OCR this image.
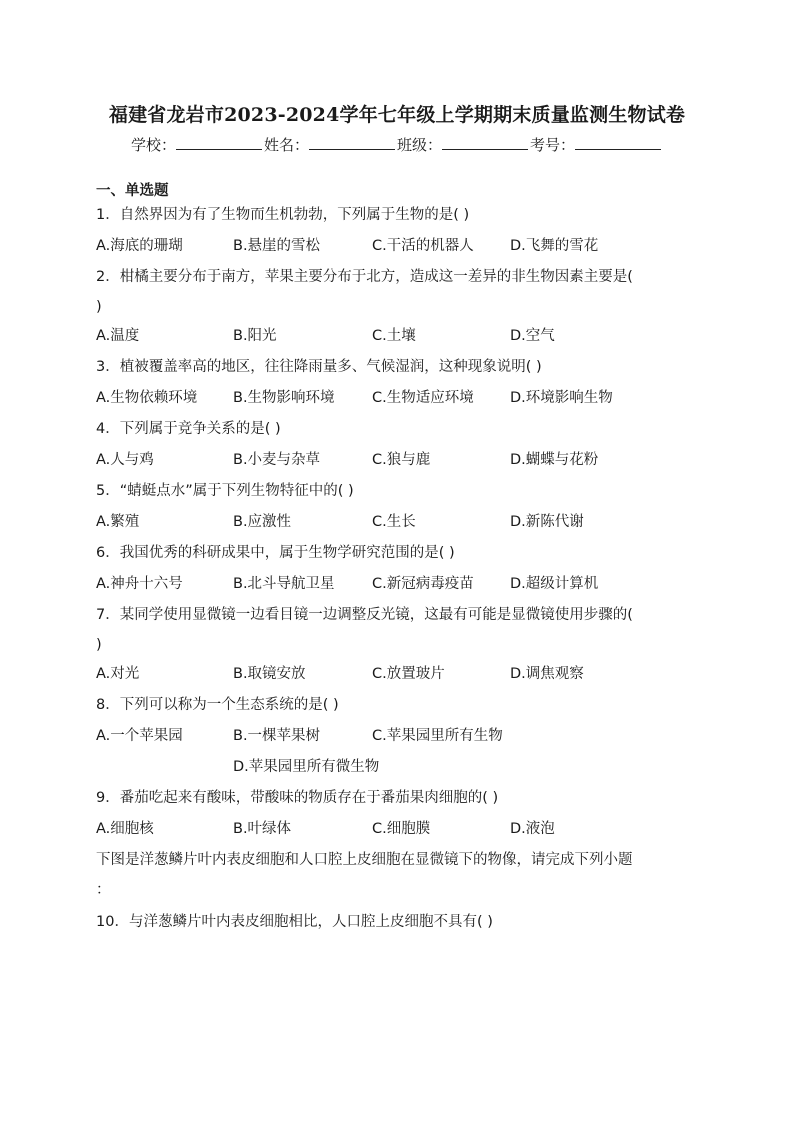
福建省龙岩市2023-2024学年七年级上学期期末质量监测生物试卷
学校：	姓名：	班级：	考号：
一、单选题
1．自然界因为有了生物而生机勃勃，下列属于生物的是( )
A.海底的珊瑚	B.悬崖的雪松	C.干活的机器人	D.飞舞的雪花
2．柑橘主要分布于南方，苹果主要分布于北方，造成这一差异的非生物因素主要是(
)
A.温度	B.阳光	C.土壤	D.空气
3．植被覆盖率高的地区，往往降雨量多、气候湿润，这种现象说明( )
A.生物依赖环境 B.生物影响环境	C.生物适应环境	D.环境影响生物
4．下列属于竞争关系的是( )
A.人与鸡	B.小麦与杂草	C.狼与鹿	D.蝴蝶与花粉
5．“蜻蜓点水”属于下列生物特征中的( )
A.繁殖	B.应激性	C.生长	D.新陈代谢
6．我国优秀的科研成果中，属于生物学研究范围的是( )
A.神舟十六号	B.北斗导航卫星	C.新冠病毒疫苗	D.超级计算机
7．某同学使用显微镜一边看目镜一边调整反光镜，这最有可能是显微镜使用步骤的(
)
A.对光	B.取镜安放	C.放置玻片	D.调焦观察
8．下列可以称为一个生态系统的是( )
A.一个苹果园	B.一棵苹果树	C.苹果园里所有生物
D.苹果园里所有微生物
9．番茄吃起来有酸味，带酸味的物质存在于番茄果肉细胞的( )
A.细胞核	B.叶绿体	C.细胞膜	D.液泡
下图是洋葱鳞片叶内表皮细胞和人口腔上皮细胞在显微镜下的物像，请完成下列小题
：
10．与洋葱鳞片叶内表皮细胞相比，人口腔上皮细胞不具有( )
